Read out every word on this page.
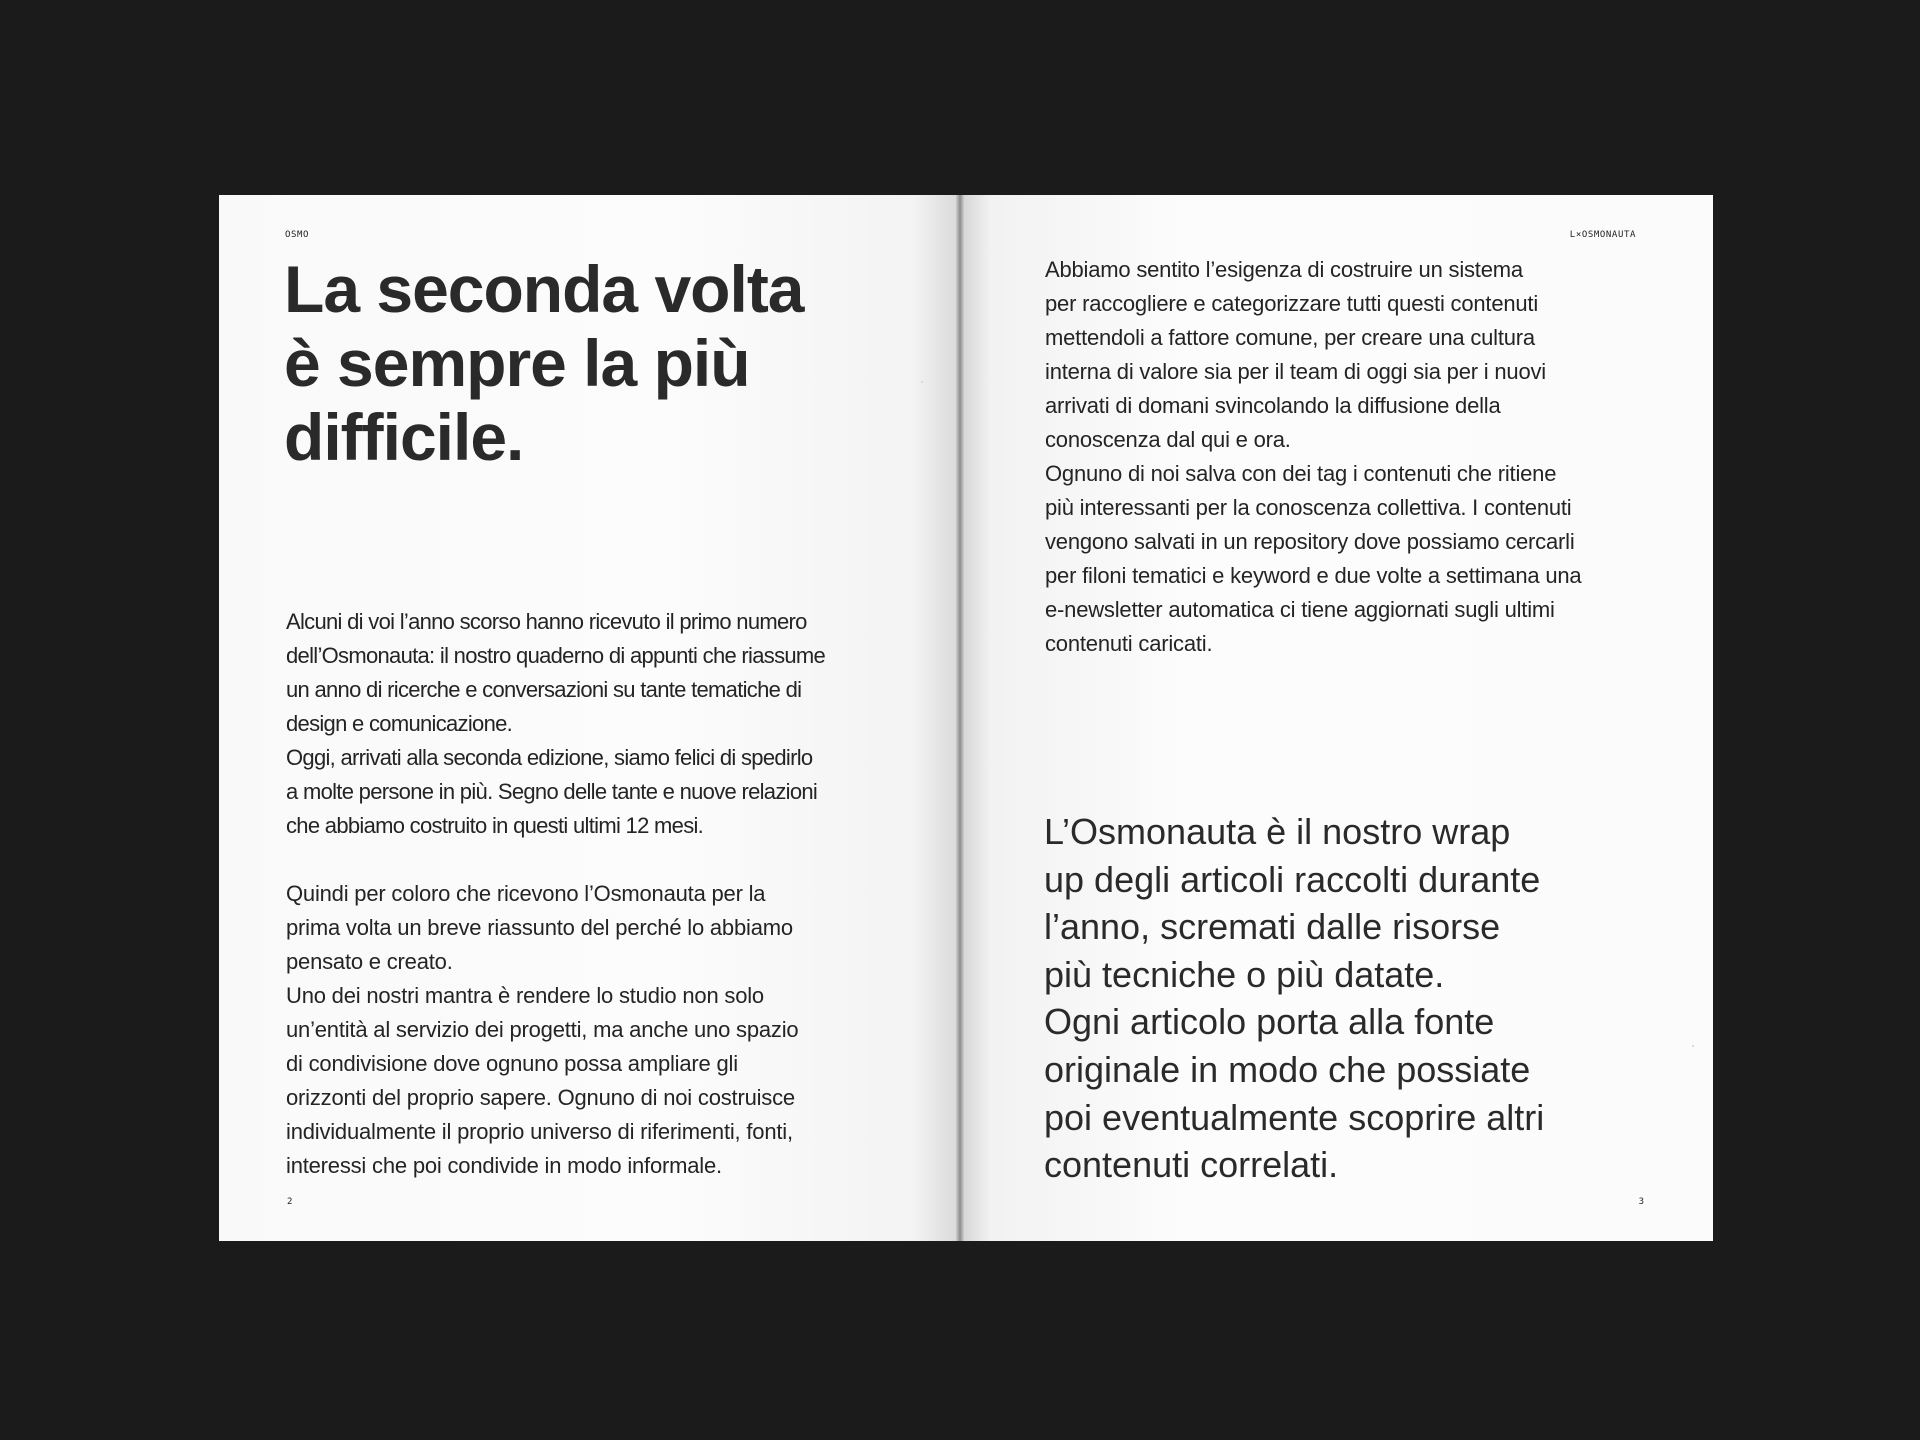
OSMO
La seconda volta
è sempre la più
difficile.
Alcuni di voi l’anno scorso hanno ricevuto il primo numero
dell’Osmonauta: il nostro quaderno di appunti che riassume
un anno di ricerche e conversazioni su tante tematiche di
design e comunicazione.
Oggi, arrivati alla seconda edizione, siamo felici di spedirlo
a molte persone in più. Segno delle tante e nuove relazioni
che abbiamo costruito in questi ultimi 12 mesi.
Quindi per coloro che ricevono l’Osmonauta per la
prima volta un breve riassunto del perché lo abbiamo
pensato e creato.
Uno dei nostri mantra è rendere lo studio non solo
un’entità al servizio dei progetti, ma anche uno spazio
di condivisione dove ognuno possa ampliare gli
orizzonti del proprio sapere. Ognuno di noi costruisce
individualmente il proprio universo di riferimenti, fonti,
interessi che poi condivide in modo informale.
2
L×OSMONAUTA
Abbiamo sentito l’esigenza di costruire un sistema
per raccogliere e categorizzare tutti questi contenuti
mettendoli a fattore comune, per creare una cultura
interna di valore sia per il team di oggi sia per i nuovi
arrivati di domani svincolando la diffusione della
conoscenza dal qui e ora.
Ognuno di noi salva con dei tag i contenuti che ritiene
più interessanti per la conoscenza collettiva. I contenuti
vengono salvati in un repository dove possiamo cercarli
per filoni tematici e keyword e due volte a settimana una
e-newsletter automatica ci tiene aggiornati sugli ultimi
contenuti caricati.
L’Osmonauta è il nostro wrap
up degli articoli raccolti durante
l’anno, scremati dalle risorse
più tecniche o più datate.
Ogni articolo porta alla fonte
originale in modo che possiate
poi eventualmente scoprire altri
contenuti correlati.
3
